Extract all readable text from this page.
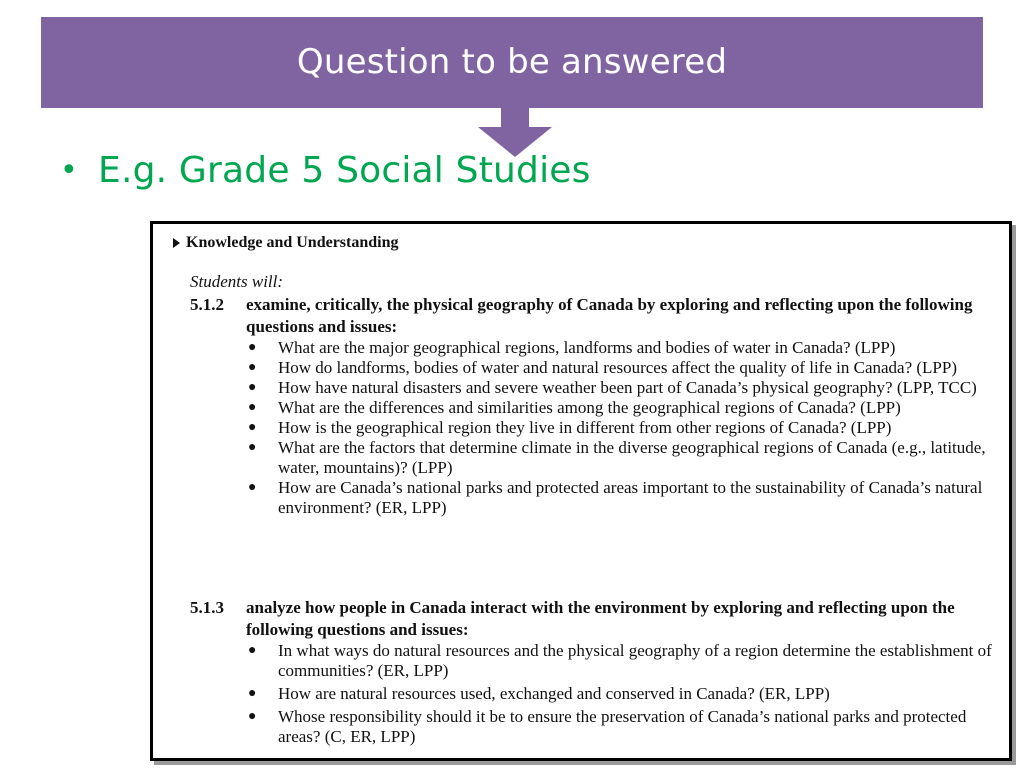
Question to be answered
• E.g. Grade 5 Social Studies
Knowledge and Understanding
Students will:
5.1.2	examine, critically, the physical geography of Canada by exploring and reflecting upon the following questions and issues:
●	What are the major geographical regions, landforms and bodies of water in Canada? (LPP)
●	How do landforms, bodies of water and natural resources affect the quality of life in Canada? (LPP)
●	How have natural disasters and severe weather been part of Canada’s physical geography? (LPP, TCC)
●	What are the differences and similarities among the geographical regions of Canada? (LPP)
●	How is the geographical region they live in different from other regions of Canada? (LPP)
●	What are the factors that determine climate in the diverse geographical regions of Canada (e.g., latitude, water, mountains)? (LPP)
●	How are Canada’s national parks and protected areas important to the sustainability of Canada’s natural environment? (ER, LPP)
5.1.3	analyze how people in Canada interact with the environment by exploring and reflecting upon the following questions and issues:
●	In what ways do natural resources and the physical geography of a region determine the establishment of communities? (ER, LPP)
●	How are natural resources used, exchanged and conserved in Canada? (ER, LPP)
●	Whose responsibility should it be to ensure the preservation of Canada’s national parks and protected areas? (C, ER, LPP)
